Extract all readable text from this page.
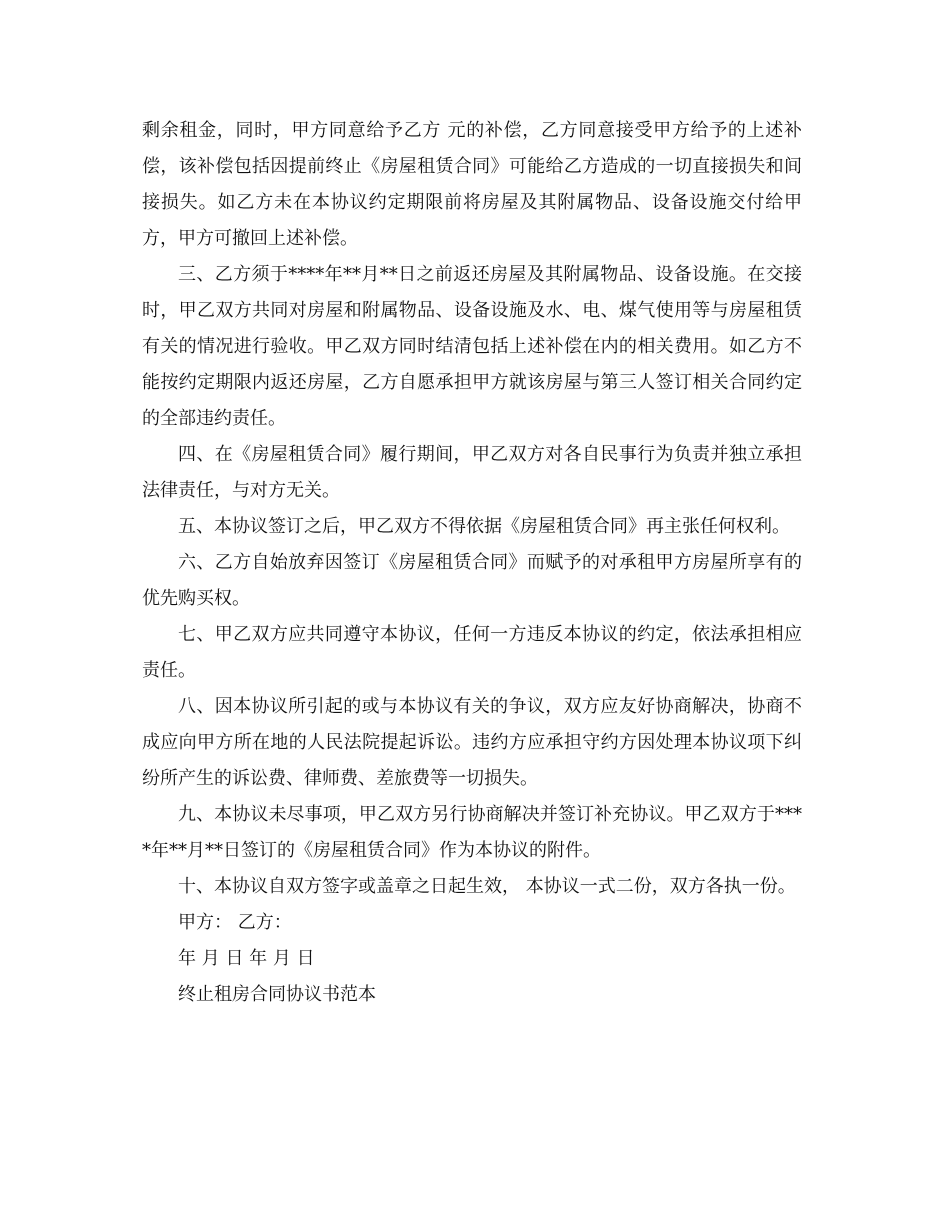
剩余租金，同时，甲方同意给予乙方 元的补偿，乙方同意接受甲方给予的上述补偿，该补偿包括因提前终止《房屋租赁合同》可能给乙方造成的一切直接损失和间接损失。如乙方未在本协议约定期限前将房屋及其附属物品、设备设施交付给甲方，甲方可撤回上述补偿。

三、乙方须于****年**月**日之前返还房屋及其附属物品、设备设施。在交接时，甲乙双方共同对房屋和附属物品、设备设施及水、电、煤气使用等与房屋租赁有关的情况进行验收。甲乙双方同时结清包括上述补偿在内的相关费用。如乙方不能按约定期限内返还房屋，乙方自愿承担甲方就该房屋与第三人签订相关合同约定的全部违约责任。

四、在《房屋租赁合同》履行期间，甲乙双方对各自民事行为负责并独立承担法律责任，与对方无关。

五、本协议签订之后，甲乙双方不得依据《房屋租赁合同》再主张任何权利。

六、乙方自始放弃因签订《房屋租赁合同》而赋予的对承租甲方房屋所享有的优先购买权。

七、甲乙双方应共同遵守本协议，任何一方违反本协议的约定，依法承担相应责任。

八、因本协议所引起的或与本协议有关的争议，双方应友好协商解决，协商不成应向甲方所在地的人民法院提起诉讼。违约方应承担守约方因处理本协议项下纠纷所产生的诉讼费、律师费、差旅费等一切损失。

九、本协议未尽事项，甲乙双方另行协商解决并签订补充协议。甲乙双方于****年**月**日签订的《房屋租赁合同》作为本协议的附件。

十、本协议自双方签字或盖章之日起生效， 本协议一式二份，双方各执一份。

甲方： 乙方：

年 月 日 年 月 日

终止租房合同协议书范本
